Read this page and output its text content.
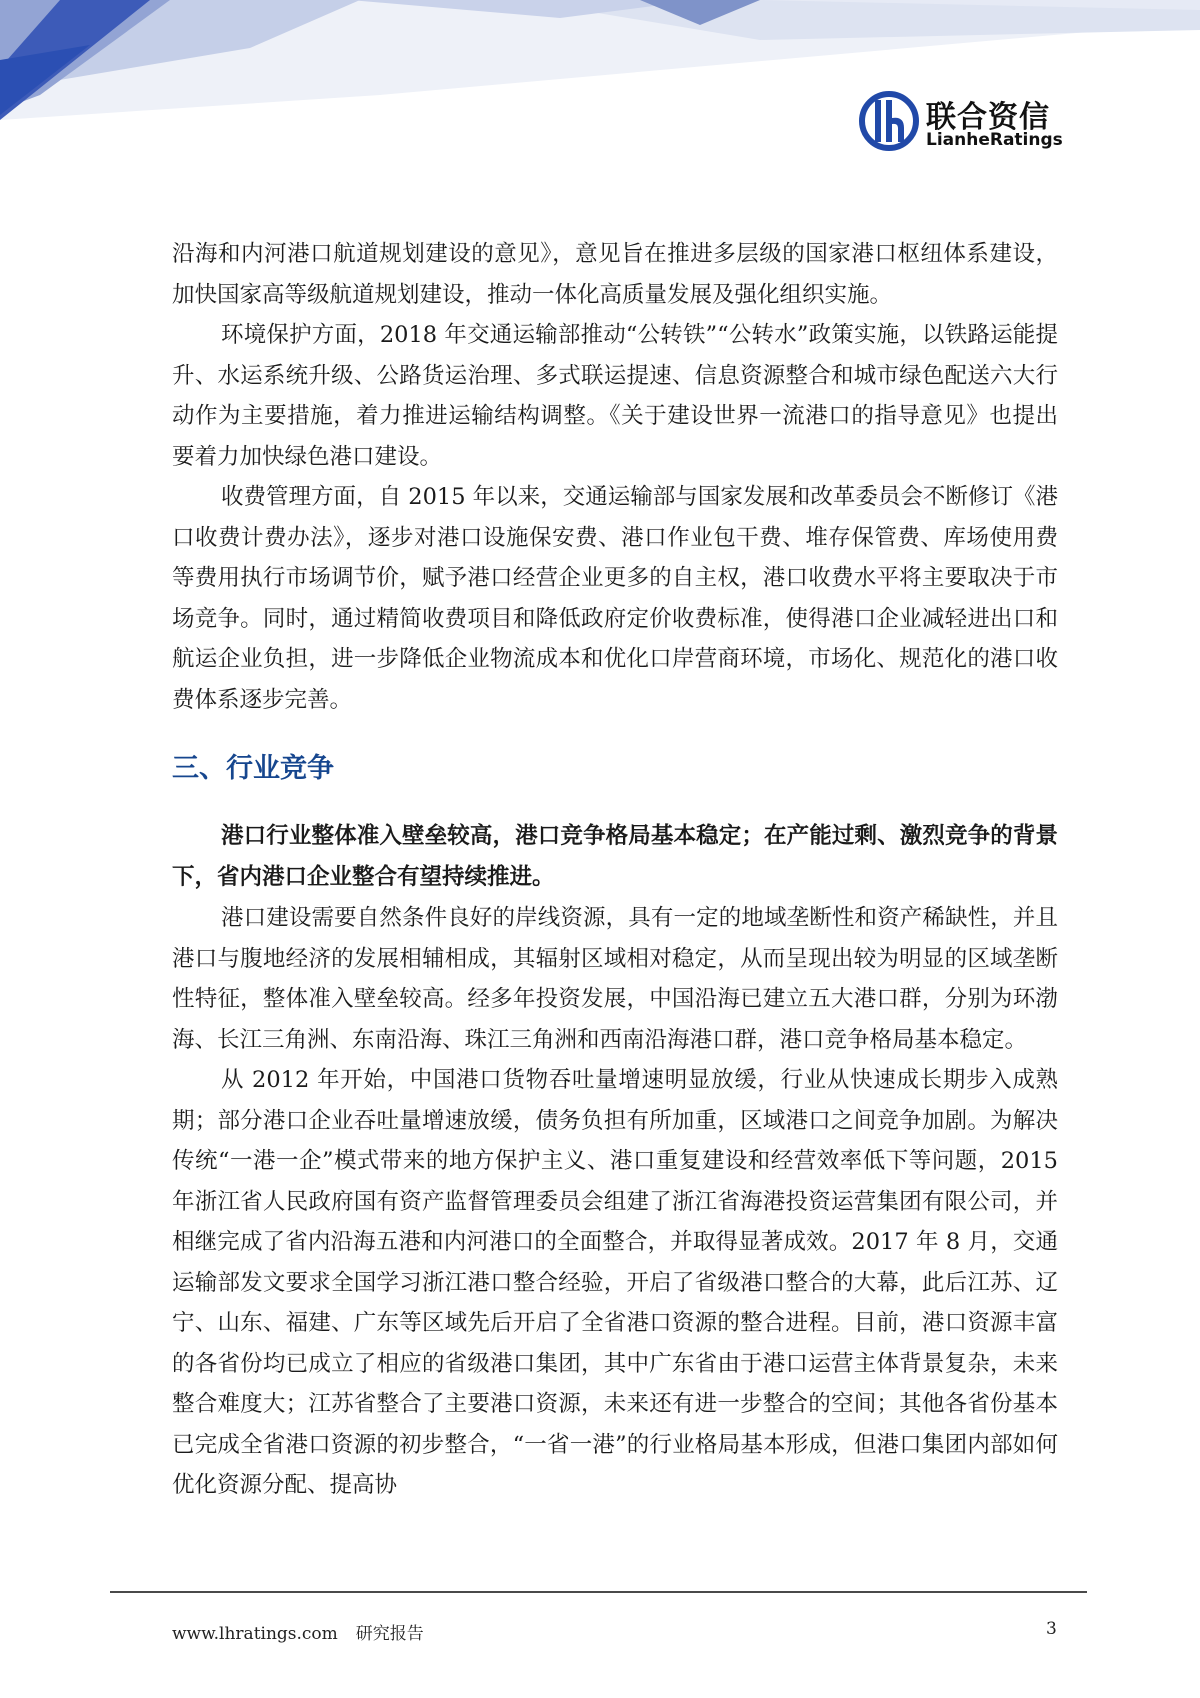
联合资信
LianheRatings

沿海和内河港口航道规划建设的意见》，意见旨在推进多层级的国家港口枢纽体系建设，加快国家高等级航道规划建设，推动一体化高质量发展及强化组织实施。

环境保护方面，2018 年交通运输部推动“公转铁”“公转水”政策实施，以铁路运能提升、水运系统升级、公路货运治理、多式联运提速、信息资源整合和城市绿色配送六大行动作为主要措施，着力推进运输结构调整。《关于建设世界一流港口的指导意见》也提出要着力加快绿色港口建设。

收费管理方面，自 2015 年以来，交通运输部与国家发展和改革委员会不断修订《港口收费计费办法》，逐步对港口设施保安费、港口作业包干费、堆存保管费、库场使用费等费用执行市场调节价，赋予港口经营企业更多的自主权，港口收费水平将主要取决于市场竞争。同时，通过精简收费项目和降低政府定价收费标准，使得港口企业减轻进出口和航运企业负担，进一步降低企业物流成本和优化口岸营商环境，市场化、规范化的港口收费体系逐步完善。

三、行业竞争

港口行业整体准入壁垒较高，港口竞争格局基本稳定；在产能过剩、激烈竞争的背景下，省内港口企业整合有望持续推进。

港口建设需要自然条件良好的岸线资源，具有一定的地域垄断性和资产稀缺性，并且港口与腹地经济的发展相辅相成，其辐射区域相对稳定，从而呈现出较为明显的区域垄断性特征，整体准入壁垒较高。经多年投资发展，中国沿海已建立五大港口群，分别为环渤海、长江三角洲、东南沿海、珠江三角洲和西南沿海港口群，港口竞争格局基本稳定。

从 2012 年开始，中国港口货物吞吐量增速明显放缓，行业从快速成长期步入成熟期；部分港口企业吞吐量增速放缓，债务负担有所加重，区域港口之间竞争加剧。为解决传统“一港一企”模式带来的地方保护主义、港口重复建设和经营效率低下等问题，2015 年浙江省人民政府国有资产监督管理委员会组建了浙江省海港投资运营集团有限公司，并相继完成了省内沿海五港和内河港口的全面整合，并取得显著成效。2017 年 8 月，交通运输部发文要求全国学习浙江港口整合经验，开启了省级港口整合的大幕，此后江苏、辽宁、山东、福建、广东等区域先后开启了全省港口资源的整合进程。目前，港口资源丰富的各省份均已成立了相应的省级港口集团，其中广东省由于港口运营主体背景复杂，未来整合难度大；江苏省整合了主要港口资源，未来还有进一步整合的空间；其他各省份基本已完成全省港口资源的初步整合，“一省一港”的行业格局基本形成，但港口集团内部如何优化资源分配、提高协

www.lhratings.com 研究报告	3
